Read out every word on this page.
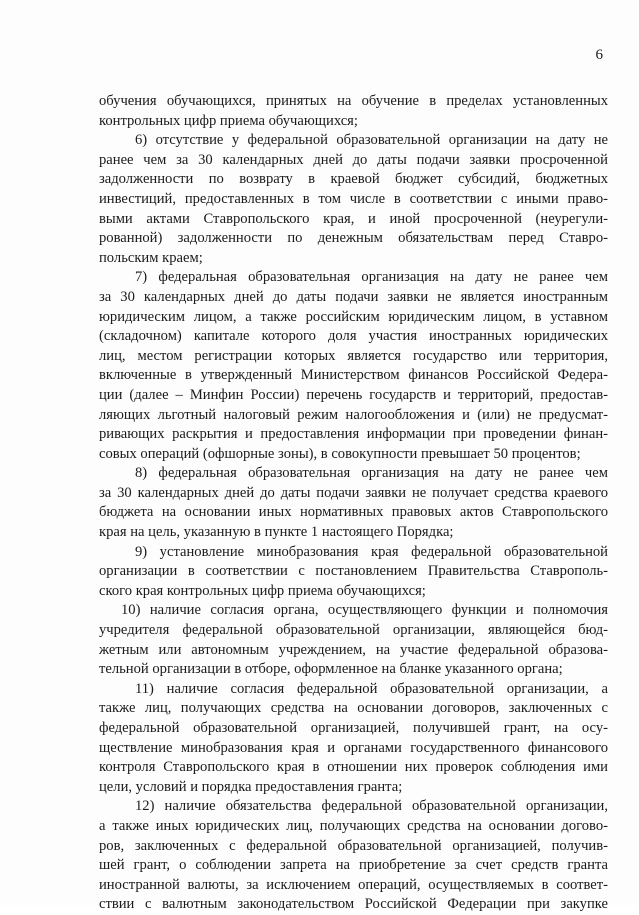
6
обучения обучающихся, принятых на обучение в пределах установленных
контрольных цифр приема обучающихся;
6) отсутствие у федеральной образовательной организации на дату не
ранее чем за 30 календарных дней до даты подачи заявки просроченной
задолженности по возврату в краевой бюджет субсидий, бюджетных
инвестиций, предоставленных в том числе в соответствии с иными право-
выми актами Ставропольского края, и иной просроченной (неурегули-
рованной) задолженности по денежным обязательствам перед Ставро-
польским краем;
7) федеральная образовательная организация на дату не ранее чем
за 30 календарных дней до даты подачи заявки не является иностранным
юридическим лицом, а также российским юридическим лицом, в уставном
(складочном) капитале которого доля участия иностранных юридических
лиц, местом регистрации которых является государство или территория,
включенные в утвержденный Министерством финансов Российской Федера-
ции (далее – Минфин России) перечень государств и территорий, предостав-
ляющих льготный налоговый режим налогообложения и (или) не предусмат-
ривающих раскрытия и предоставления информации при проведении финан-
совых операций (офшорные зоны), в совокупности превышает 50 процентов;
8) федеральная образовательная организация на дату не ранее чем
за 30 календарных дней до даты подачи заявки не получает средства краевого
бюджета на основании иных нормативных правовых актов Ставропольского
края на цель, указанную в пункте 1 настоящего Порядка;
9) установление минобразования края федеральной образовательной
организации в соответствии с постановлением Правительства Ставрополь-
ского края контрольных цифр приема обучающихся;
10) наличие согласия органа, осуществляющего функции и полномочия
учредителя федеральной образовательной организации, являющейся бюд-
жетным или автономным учреждением, на участие федеральной образова-
тельной организации в отборе, оформленное на бланке указанного органа;
11) наличие согласия федеральной образовательной организации, а
также лиц, получающих средства на основании договоров, заключенных с
федеральной образовательной организацией, получившей грант, на осу-
ществление минобразования края и органами государственного финансового
контроля Ставропольского края в отношении них проверок соблюдения ими
цели, условий и порядка предоставления гранта;
12) наличие обязательства федеральной образовательной организации,
а также иных юридических лиц, получающих средства на основании догово-
ров, заключенных с федеральной образовательной организацией, получив-
шей грант, о соблюдении запрета на приобретение за счет средств гранта
иностранной валюты, за исключением операций, осуществляемых в соответ-
ствии с валютным законодательством Российской Федерации при закупке
